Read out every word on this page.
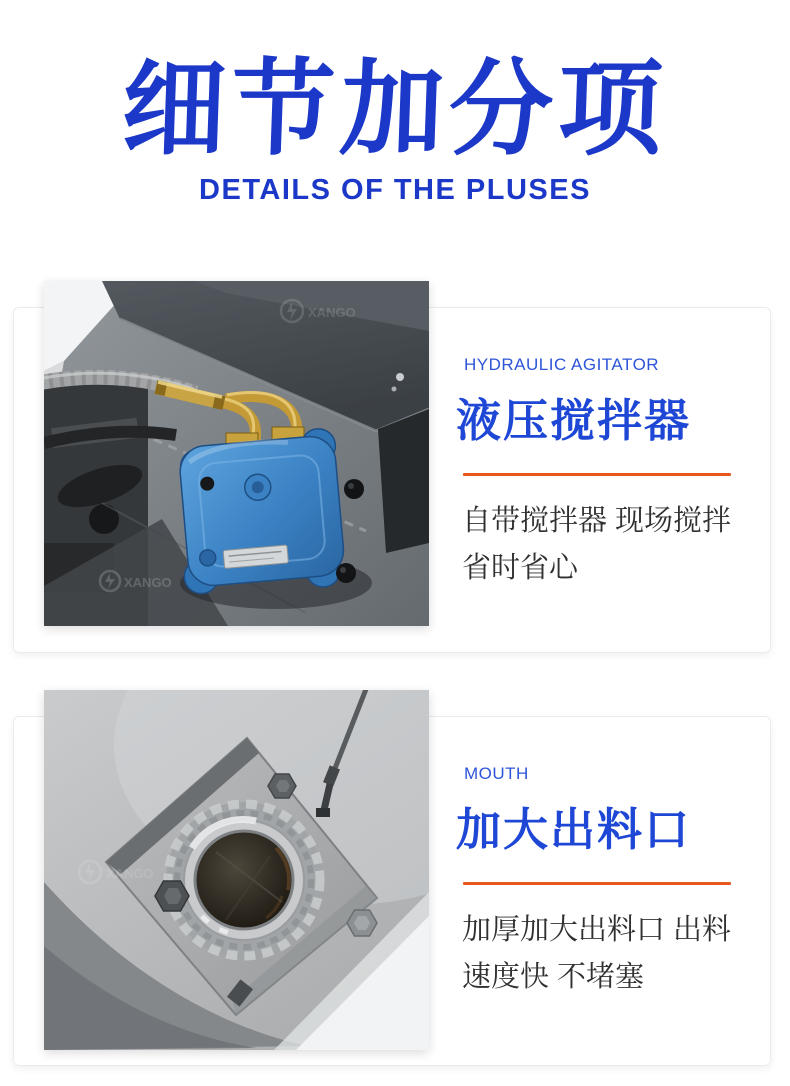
细节加分项
DETAILS OF THE PLUSES
XANGO
XANGO
HYDRAULIC AGITATOR
液压搅拌器
自带搅拌器 现场搅拌
省时省心
XANGO
MOUTH
加大出料口
加厚加大出料口 出料
速度快 不堵塞
